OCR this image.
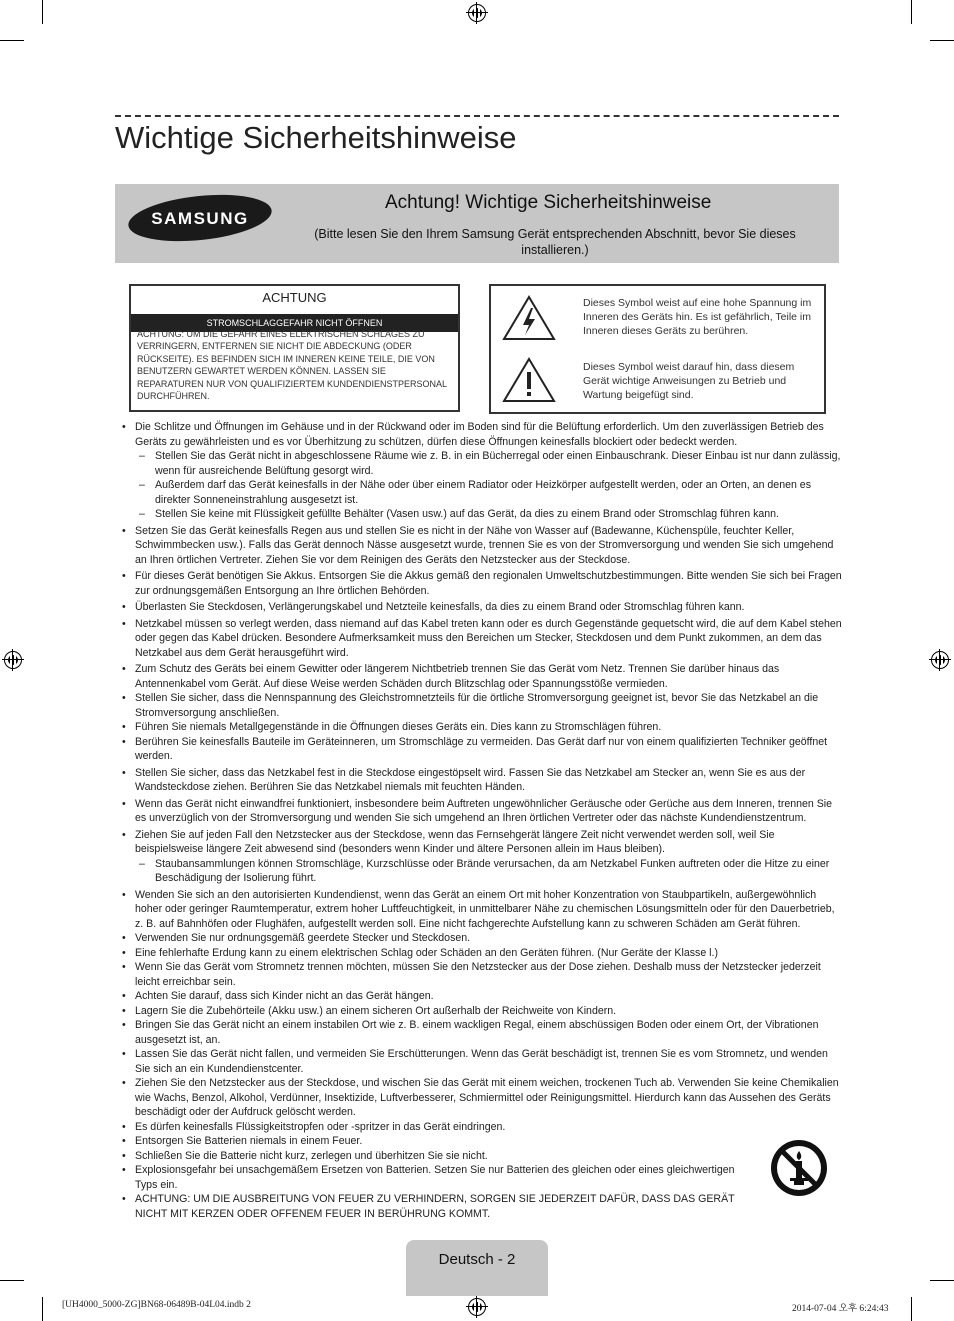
Wichtige Sicherheitshinweise
SAMSUNG
Achtung! Wichtige Sicherheitshinweise
(Bitte lesen Sie den Ihrem Samsung Gerät entsprechenden Abschnitt, bevor Sie dieses installieren.)
ACHTUNG
STROMSCHLAGGEFAHR NICHT ÖFFNEN
ACHTUNG: UM DIE GEFAHR EINES ELEKTRISCHEN SCHLAGES ZU VERRINGERN, ENTFERNEN SIE NICHT DIE ABDECKUNG (ODER RÜCKSEITE). ES BEFINDEN SICH IM INNEREN KEINE TEILE, DIE VON BENUTZERN GEWARTET WERDEN KÖNNEN. LASSEN SIE REPARATUREN NUR VON QUALIFIZIERTEM KUNDENDIENSTPERSONAL DURCHFÜHREN.
Dieses Symbol weist auf eine hohe Spannung im Inneren des Geräts hin. Es ist gefährlich, Teile im Inneren dieses Geräts zu berühren.
Dieses Symbol weist darauf hin, dass diesem Gerät wichtige Anweisungen zu Betrieb und Wartung beigefügt sind.
• Die Schlitze und Öffnungen im Gehäuse und in der Rückwand oder im Boden sind für die Belüftung erforderlich. Um den zuverlässigen Betrieb des Geräts zu gewährleisten und es vor Überhitzung zu schützen, dürfen diese Öffnungen keinesfalls blockiert oder bedeckt werden.
– Stellen Sie das Gerät nicht in abgeschlossene Räume wie z. B. in ein Bücherregal oder einen Einbauschrank. Dieser Einbau ist nur dann zulässig, wenn für ausreichende Belüftung gesorgt wird.
– Außerdem darf das Gerät keinesfalls in der Nähe oder über einem Radiator oder Heizkörper aufgestellt werden, oder an Orten, an denen es direkter Sonneneinstrahlung ausgesetzt ist.
– Stellen Sie keine mit Flüssigkeit gefüllte Behälter (Vasen usw.) auf das Gerät, da dies zu einem Brand oder Stromschlag führen kann.
• Setzen Sie das Gerät keinesfalls Regen aus und stellen Sie es nicht in der Nähe von Wasser auf (Badewanne, Küchenspüle, feuchter Keller, Schwimmbecken usw.). Falls das Gerät dennoch Nässe ausgesetzt wurde, trennen Sie es von der Stromversorgung und wenden Sie sich umgehend an Ihren örtlichen Vertreter. Ziehen Sie vor dem Reinigen des Geräts den Netzstecker aus der Steckdose.
• Für dieses Gerät benötigen Sie Akkus. Entsorgen Sie die Akkus gemäß den regionalen Umweltschutzbestimmungen. Bitte wenden Sie sich bei Fragen zur ordnungsgemäßen Entsorgung an Ihre örtlichen Behörden.
• Überlasten Sie Steckdosen, Verlängerungskabel und Netzteile keinesfalls, da dies zu einem Brand oder Stromschlag führen kann.
• Netzkabel müssen so verlegt werden, dass niemand auf das Kabel treten kann oder es durch Gegenstände gequetscht wird, die auf dem Kabel stehen oder gegen das Kabel drücken. Besondere Aufmerksamkeit muss den Bereichen um Stecker, Steckdosen und dem Punkt zukommen, an dem das Netzkabel aus dem Gerät herausgeführt wird.
• Zum Schutz des Geräts bei einem Gewitter oder längerem Nichtbetrieb trennen Sie das Gerät vom Netz. Trennen Sie darüber hinaus das Antennenkabel vom Gerät. Auf diese Weise werden Schäden durch Blitzschlag oder Spannungsstöße vermieden.
• Stellen Sie sicher, dass die Nennspannung des Gleichstromnetzteils für die örtliche Stromversorgung geeignet ist, bevor Sie das Netzkabel an die Stromversorgung anschließen.
• Führen Sie niemals Metallgegenstände in die Öffnungen dieses Geräts ein. Dies kann zu Stromschlägen führen.
• Berühren Sie keinesfalls Bauteile im Geräteinneren, um Stromschläge zu vermeiden. Das Gerät darf nur von einem qualifizierten Techniker geöffnet werden.
• Stellen Sie sicher, dass das Netzkabel fest in die Steckdose eingestöpselt wird. Fassen Sie das Netzkabel am Stecker an, wenn Sie es aus der Wandsteckdose ziehen. Berühren Sie das Netzkabel niemals mit feuchten Händen.
• Wenn das Gerät nicht einwandfrei funktioniert, insbesondere beim Auftreten ungewöhnlicher Geräusche oder Gerüche aus dem Inneren, trennen Sie es unverzüglich von der Stromversorgung und wenden Sie sich umgehend an Ihren örtlichen Vertreter oder das nächste Kundendienstzentrum.
• Ziehen Sie auf jeden Fall den Netzstecker aus der Steckdose, wenn das Fernsehgerät längere Zeit nicht verwendet werden soll, weil Sie beispielsweise längere Zeit abwesend sind (besonders wenn Kinder und ältere Personen allein im Haus bleiben).
– Staubansammlungen können Stromschläge, Kurzschlüsse oder Brände verursachen, da am Netzkabel Funken auftreten oder die Hitze zu einer Beschädigung der Isolierung führt.
• Wenden Sie sich an den autorisierten Kundendienst, wenn das Gerät an einem Ort mit hoher Konzentration von Staubpartikeln, außergewöhnlich hoher oder geringer Raumtemperatur, extrem hoher Luftfeuchtigkeit, in unmittelbarer Nähe zu chemischen Lösungsmitteln oder für den Dauerbetrieb, z. B. auf Bahnhöfen oder Flughäfen, aufgestellt werden soll. Eine nicht fachgerechte Aufstellung kann zu schweren Schäden am Gerät führen.
• Verwenden Sie nur ordnungsgemäß geerdete Stecker und Steckdosen.
• Eine fehlerhafte Erdung kann zu einem elektrischen Schlag oder Schäden an den Geräten führen. (Nur Geräte der Klasse l.)
• Wenn Sie das Gerät vom Stromnetz trennen möchten, müssen Sie den Netzstecker aus der Dose ziehen. Deshalb muss der Netzstecker jederzeit leicht erreichbar sein.
• Achten Sie darauf, dass sich Kinder nicht an das Gerät hängen.
• Lagern Sie die Zubehörteile (Akku usw.) an einem sicheren Ort außerhalb der Reichweite von Kindern.
• Bringen Sie das Gerät nicht an einem instabilen Ort wie z. B. einem wackligen Regal, einem abschüssigen Boden oder einem Ort, der Vibrationen ausgesetzt ist, an.
• Lassen Sie das Gerät nicht fallen, und vermeiden Sie Erschütterungen. Wenn das Gerät beschädigt ist, trennen Sie es vom Stromnetz, und wenden Sie sich an ein Kundendienstcenter.
• Ziehen Sie den Netzstecker aus der Steckdose, und wischen Sie das Gerät mit einem weichen, trockenen Tuch ab. Verwenden Sie keine Chemikalien wie Wachs, Benzol, Alkohol, Verdünner, Insektizide, Luftverbesserer, Schmiermittel oder Reinigungsmittel. Hierdurch kann das Aussehen des Geräts beschädigt oder der Aufdruck gelöscht werden.
• Es dürfen keinesfalls Flüssigkeitstropfen oder -spritzer in das Gerät eindringen.
• Entsorgen Sie Batterien niemals in einem Feuer.
• Schließen Sie die Batterie nicht kurz, zerlegen und überhitzen Sie sie nicht.
• Explosionsgefahr bei unsachgemäßem Ersetzen von Batterien. Setzen Sie nur Batterien des gleichen oder eines gleichwertigen Typs ein.
• ACHTUNG: UM DIE AUSBREITUNG VON FEUER ZU VERHINDERN, SORGEN SIE JEDERZEIT DAFÜR, DASS DAS GERÄT NICHT MIT KERZEN ODER OFFENEM FEUER IN BERÜHRUNG KOMMT.
Deutsch - 2
[UH4000_5000-ZG]BN68-06489B-04L04.indb 2	2014-07-04 오후 6:24:43
